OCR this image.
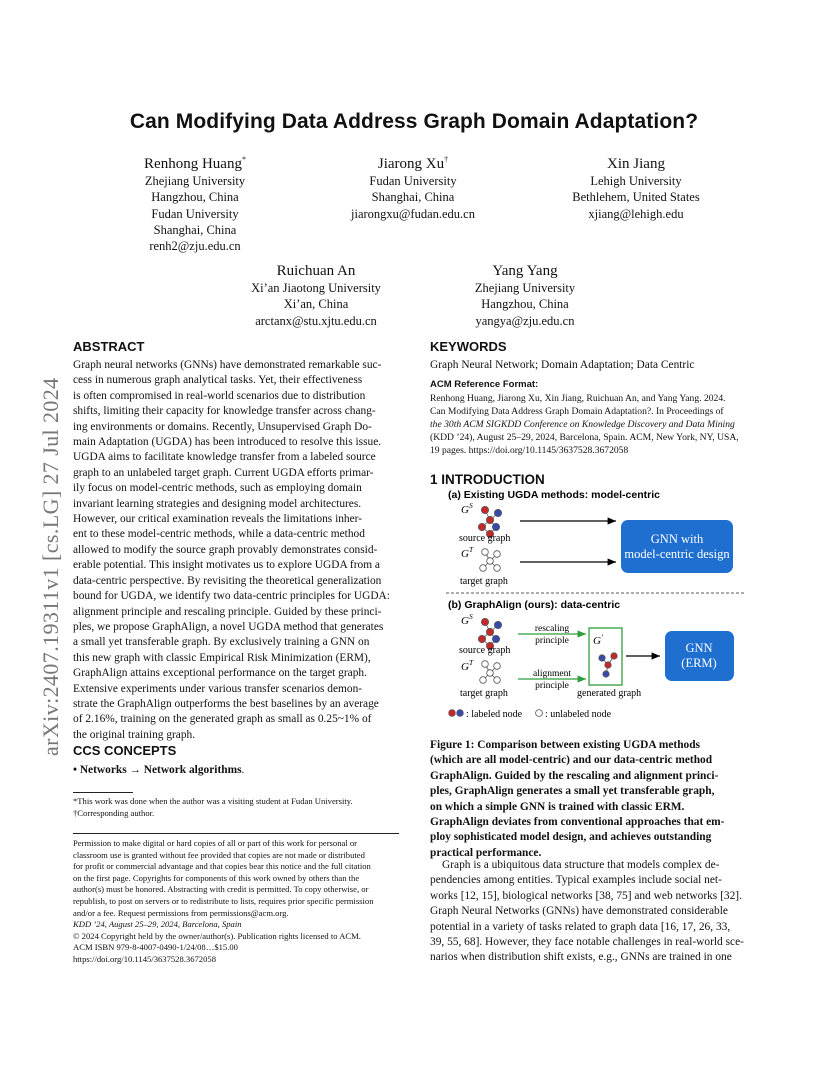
arXiv:2407.19311v1 [cs.LG] 27 Jul 2024
Can Modifying Data Address Graph Domain Adaptation?
Renhong Huang*
Zhejiang University
Hangzhou, China
Fudan University
Shanghai, China
renh2@zju.edu.cn
Jiarong Xu†
Fudan University
Shanghai, China
jiarongxu@fudan.edu.cn
Xin Jiang
Lehigh University
Bethlehem, United States
xjiang@lehigh.edu
Ruichuan An
Xi’an Jiaotong University
Xi’an, China
arctanx@stu.xjtu.edu.cn
Yang Yang
Zhejiang University
Hangzhou, China
yangya@zju.edu.cn
ABSTRACT
Graph neural networks (GNNs) have demonstrated remarkable suc-
cess in numerous graph analytical tasks. Yet, their effectiveness
is often compromised in real-world scenarios due to distribution
shifts, limiting their capacity for knowledge transfer across chang-
ing environments or domains. Recently, Unsupervised Graph Do-
main Adaptation (UGDA) has been introduced to resolve this issue.
UGDA aims to facilitate knowledge transfer from a labeled source
graph to an unlabeled target graph. Current UGDA efforts primar-
ily focus on model-centric methods, such as employing domain
invariant learning strategies and designing model architectures.
However, our critical examination reveals the limitations inher-
ent to these model-centric methods, while a data-centric method
allowed to modify the source graph provably demonstrates consid-
erable potential. This insight motivates us to explore UGDA from a
data-centric perspective. By revisiting the theoretical generalization
bound for UGDA, we identify two data-centric principles for UGDA:
alignment principle and rescaling principle. Guided by these princi-
ples, we propose GraphAlign, a novel UGDA method that generates
a small yet transferable graph. By exclusively training a GNN on
this new graph with classic Empirical Risk Minimization (ERM),
GraphAlign attains exceptional performance on the target graph.
Extensive experiments under various transfer scenarios demon-
strate the GraphAlign outperforms the best baselines by an average
of 2.16%, training on the generated graph as small as 0.25~1% of
the original training graph.
CCS CONCEPTS
• Networks → Network algorithms.
*This work was done when the author was a visiting student at Fudan University.
†Corresponding author.
Permission to make digital or hard copies of all or part of this work for personal or
classroom use is granted without fee provided that copies are not made or distributed
for profit or commercial advantage and that copies bear this notice and the full citation
on the first page. Copyrights for components of this work owned by others than the
author(s) must be honored. Abstracting with credit is permitted. To copy otherwise, or
republish, to post on servers or to redistribute to lists, requires prior specific permission
and/or a fee. Request permissions from permissions@acm.org.
KDD ’24, August 25–29, 2024, Barcelona, Spain
© 2024 Copyright held by the owner/author(s). Publication rights licensed to ACM.
ACM ISBN 979-8-4007-0490-1/24/08…$15.00
https://doi.org/10.1145/3637528.3672058
KEYWORDS
Graph Neural Network; Domain Adaptation; Data Centric
ACM Reference Format:
Renhong Huang, Jiarong Xu, Xin Jiang, Ruichuan An, and Yang Yang. 2024.
Can Modifying Data Address Graph Domain Adaptation?. In Proceedings of
the 30th ACM SIGKDD Conference on Knowledge Discovery and Data Mining
(KDD ’24), August 25–29, 2024, Barcelona, Spain. ACM, New York, NY, USA,
19 pages. https://doi.org/10.1145/3637528.3672058
1 INTRODUCTION
(a) Existing UGDA methods: model-centric
$G^S$
source graph
$G^T$
target graph
GNN with
model-centric design
(b) GraphAlign (ours): data-centric
$G^S$
source graph
$G^T$
target graph
rescaling
principle
alignment
principle
G′
generated graph
GNN
(ERM)
: labeled node : unlabeled node
Figure 1: Comparison between existing UGDA methods
(which are all model-centric) and our data-centric method
GraphAlign. Guided by the rescaling and alignment princi-
ples, GraphAlign generates a small yet transferable graph,
on which a simple GNN is trained with classic ERM.
GraphAlign deviates from conventional approaches that em-
ploy sophisticated model design, and achieves outstanding
practical performance.
Graph is a ubiquitous data structure that models complex de-
pendencies among entities. Typical examples include social net-
works [12, 15], biological networks [38, 75] and web networks [32].
Graph Neural Networks (GNNs) have demonstrated considerable
potential in a variety of tasks related to graph data [16, 17, 26, 33,
39, 55, 68]. However, they face notable challenges in real-world sce-
narios when distribution shift exists, e.g., GNNs are trained in one
